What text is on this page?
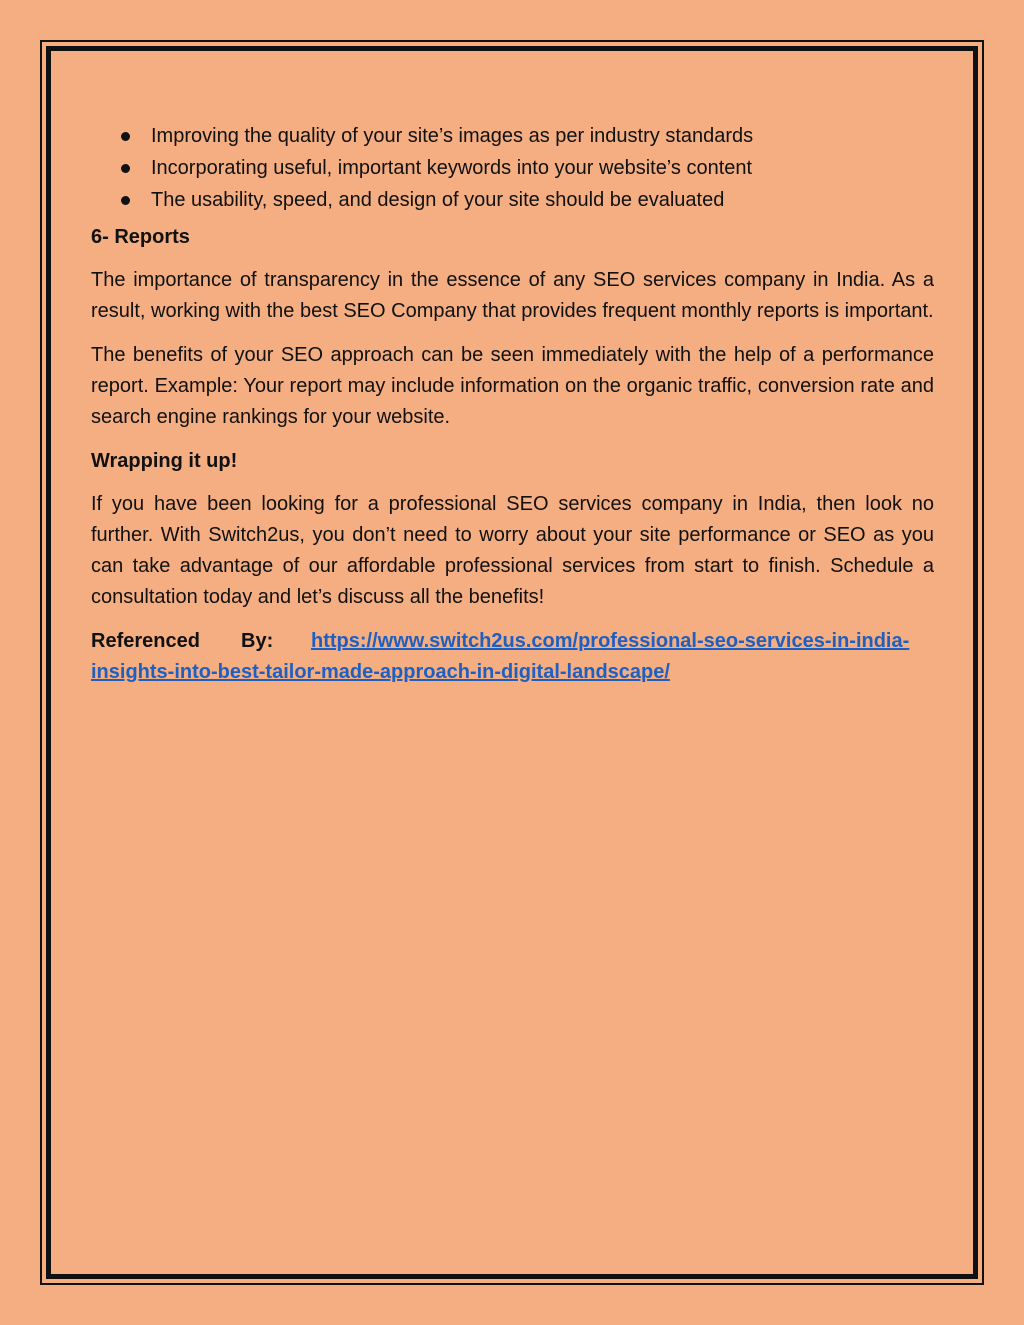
Improving the quality of your site’s images as per industry standards
Incorporating useful, important keywords into your website’s content
The usability, speed, and design of your site should be evaluated
6- Reports

The importance of transparency in the essence of any SEO services company in India. As a result, working with the best SEO Company that provides frequent monthly reports is important.

The benefits of your SEO approach can be seen immediately with the help of a performance report. Example: Your report may include information on the organic traffic, conversion rate and search engine rankings for your website.

Wrapping it up!

If you have been looking for a professional SEO services company in India, then look no further. With Switch2us, you don’t need to worry about your site performance or SEO as you can take advantage of our affordable professional services from start to finish. Schedule a consultation today and let’s discuss all the benefits!

Referenced By: https://www.switch2us.com/professional-seo-services-in-india-
insights-into-best-tailor-made-approach-in-digital-landscape/
